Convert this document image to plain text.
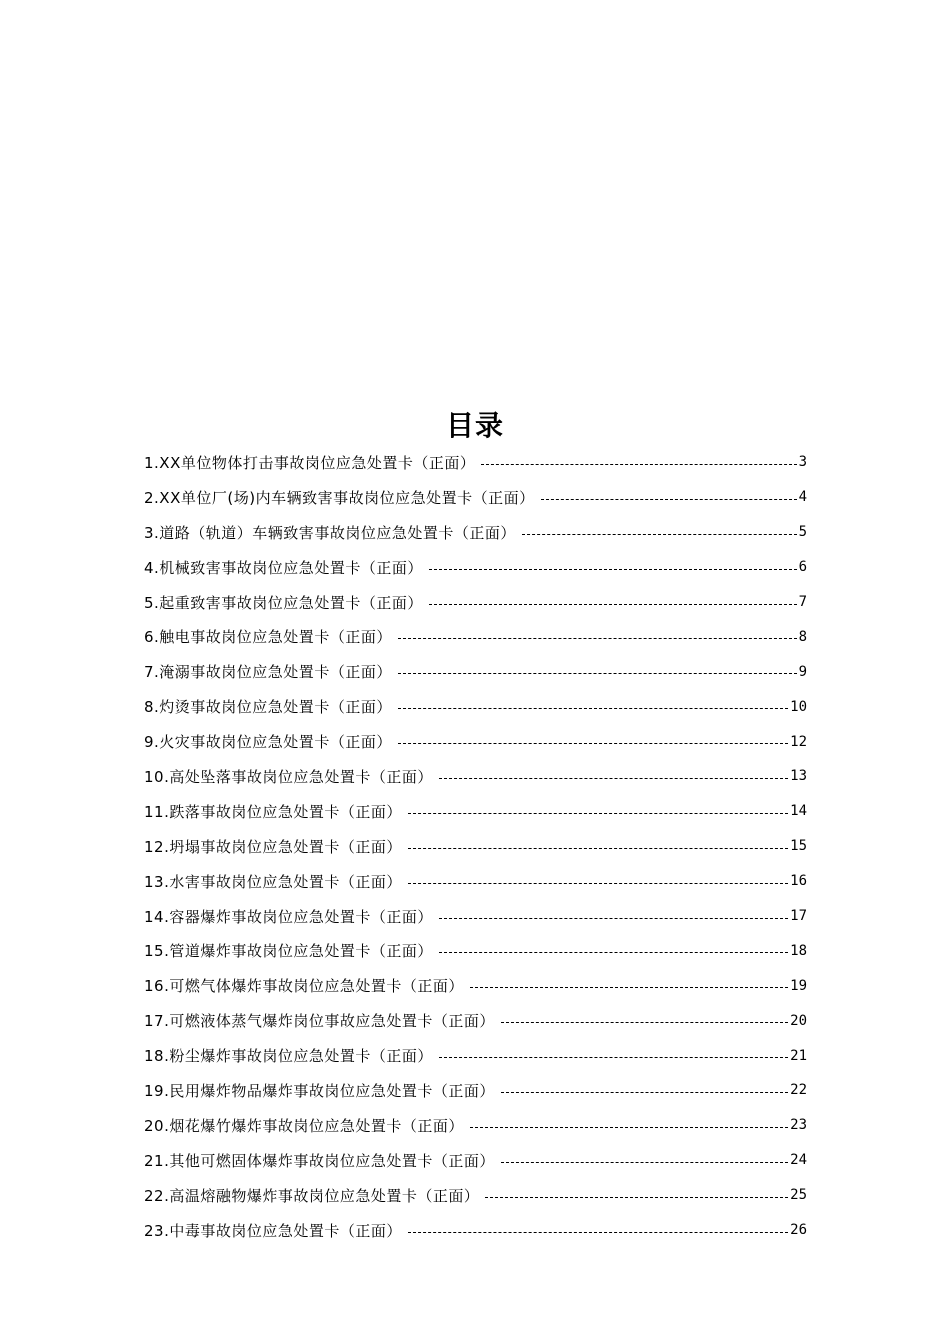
目录
1.XX单位物体打击事故岗位应急处置卡（正面）	3
2.XX单位厂(场)内车辆致害事故岗位应急处置卡（正面）	4
3.道路（轨道）车辆致害事故岗位应急处置卡（正面）	5
4.机械致害事故岗位应急处置卡（正面）	6
5.起重致害事故岗位应急处置卡（正面）	7
6.触电事故岗位应急处置卡（正面）	8
7.淹溺事故岗位应急处置卡（正面）	9
8.灼烫事故岗位应急处置卡（正面）	10
9.火灾事故岗位应急处置卡（正面）	12
10.高处坠落事故岗位应急处置卡（正面）	13
11.跌落事故岗位应急处置卡（正面）	14
12.坍塌事故岗位应急处置卡（正面）	15
13.水害事故岗位应急处置卡（正面）	16
14.容器爆炸事故岗位应急处置卡（正面）	17
15.管道爆炸事故岗位应急处置卡（正面）	18
16.可燃气体爆炸事故岗位应急处置卡（正面）	19
17.可燃液体蒸气爆炸岗位事故应急处置卡（正面）	20
18.粉尘爆炸事故岗位应急处置卡（正面）	21
19.民用爆炸物品爆炸事故岗位应急处置卡（正面）	22
20.烟花爆竹爆炸事故岗位应急处置卡（正面）	23
21.其他可燃固体爆炸事故岗位应急处置卡（正面）	24
22.高温熔融物爆炸事故岗位应急处置卡（正面）	25
23.中毒事故岗位应急处置卡（正面）	26
